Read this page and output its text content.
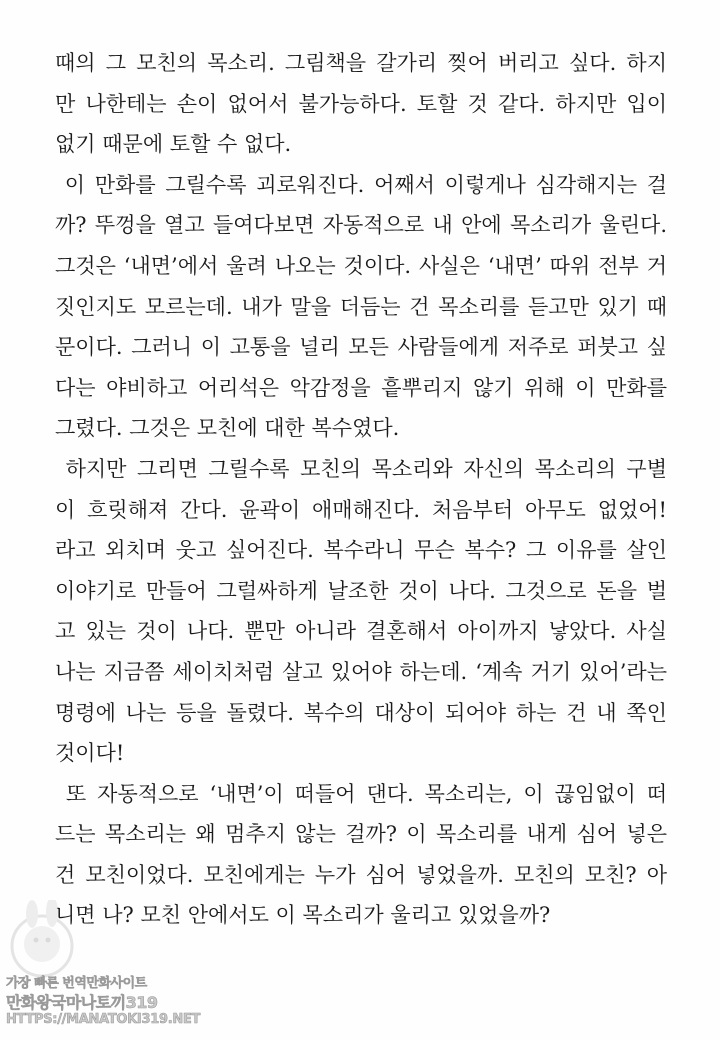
때의 그 모친의 목소리. 그림책을 갈가리 찢어 버리고 싶다. 하지
만 나한테는 손이 없어서 불가능하다. 토할 것 같다. 하지만 입이
없기 때문에 토할 수 없다.
이 만화를 그릴수록 괴로워진다. 어째서 이렇게나 심각해지는 걸
까? 뚜껑을 열고 들여다보면 자동적으로 내 안에 목소리가 울린다.
그것은 ‘내면’에서 울려 나오는 것이다. 사실은 ‘내면’ 따위 전부 거
짓인지도 모르는데. 내가 말을 더듬는 건 목소리를 듣고만 있기 때
문이다. 그러니 이 고통을 널리 모든 사람들에게 저주로 퍼붓고 싶
다는 야비하고 어리석은 악감정을 흩뿌리지 않기 위해 이 만화를
그렸다. 그것은 모친에 대한 복수였다.
하지만 그리면 그릴수록 모친의 목소리와 자신의 목소리의 구별
이 흐릿해져 간다. 윤곽이 애매해진다. 처음부터 아무도 없었어!
라고 외치며 웃고 싶어진다. 복수라니 무슨 복수? 그 이유를 살인
이야기로 만들어 그럴싸하게 날조한 것이 나다. 그것으로 돈을 벌
고 있는 것이 나다. 뿐만 아니라 결혼해서 아이까지 낳았다. 사실
나는 지금쯤 세이치처럼 살고 있어야 하는데. ‘계속 거기 있어’라는
명령에 나는 등을 돌렸다. 복수의 대상이 되어야 하는 건 내 쪽인
것이다!
또 자동적으로 ‘내면’이 떠들어 댄다. 목소리는, 이 끊임없이 떠
드는 목소리는 왜 멈추지 않는 걸까? 이 목소리를 내게 심어 넣은
건 모친이었다. 모친에게는 누가 심어 넣었을까. 모친의 모친? 아
니면 나? 모친 안에서도 이 목소리가 울리고 있었을까?
가장 빠른 번역만화사이트
만화왕국마나토끼319
HTTPS://MANATOKI319.NET
